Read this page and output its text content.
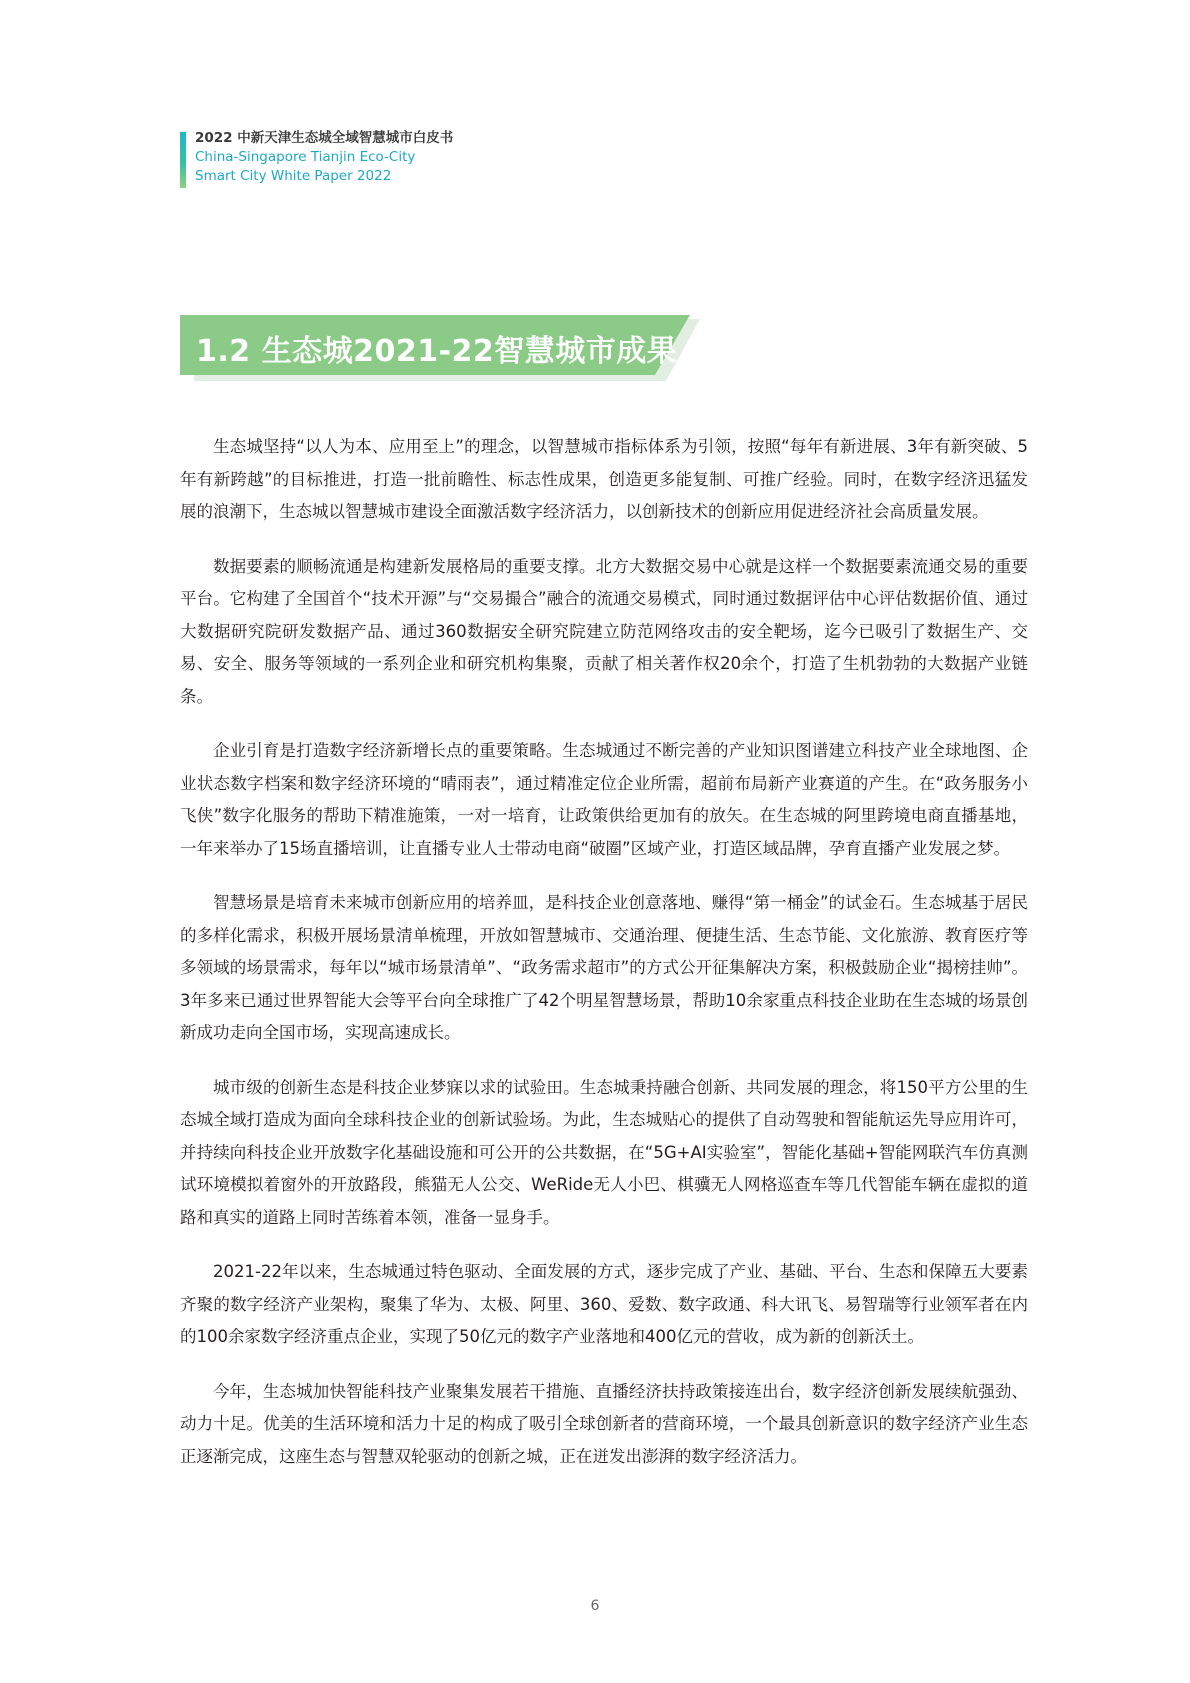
2022 中新天津生态城全域智慧城市白皮书
China-Singapore Tianjin Eco-City
Smart City White Paper 2022
1.2 生态城2021-22智慧城市成果

生态城坚持“以人为本、应用至上”的理念，以智慧城市指标体系为引领，按照“每年有新进展、3年有新突破、5年有新跨越”的目标推进，打造一批前瞻性、标志性成果，创造更多能复制、可推广经验。同时，在数字经济迅猛发展的浪潮下，生态城以智慧城市建设全面激活数字经济活力，以创新技术的创新应用促进经济社会高质量发展。

数据要素的顺畅流通是构建新发展格局的重要支撑。北方大数据交易中心就是这样一个数据要素流通交易的重要平台。它构建了全国首个“技术开源”与“交易撮合”融合的流通交易模式，同时通过数据评估中心评估数据价值、通过大数据研究院研发数据产品、通过360数据安全研究院建立防范网络攻击的安全靶场，迄今已吸引了数据生产、交易、安全、服务等领域的一系列企业和研究机构集聚，贡献了相关著作权20余个，打造了生机勃勃的大数据产业链条。

企业引育是打造数字经济新增长点的重要策略。生态城通过不断完善的产业知识图谱建立科技产业全球地图、企业状态数字档案和数字经济环境的“晴雨表”，通过精准定位企业所需，超前布局新产业赛道的产生。在“政务服务小飞侠”数字化服务的帮助下精准施策，一对一培育，让政策供给更加有的放矢。在生态城的阿里跨境电商直播基地，一年来举办了15场直播培训，让直播专业人士带动电商“破圈”区域产业，打造区域品牌，孕育直播产业发展之梦。

智慧场景是培育未来城市创新应用的培养皿，是科技企业创意落地、赚得“第一桶金”的试金石。生态城基于居民的多样化需求，积极开展场景清单梳理，开放如智慧城市、交通治理、便捷生活、生态节能、文化旅游、教育医疗等多领域的场景需求，每年以“城市场景清单”、“政务需求超市”的方式公开征集解决方案，积极鼓励企业“揭榜挂帅”。3年多来已通过世界智能大会等平台向全球推广了42个明星智慧场景，帮助10余家重点科技企业助在生态城的场景创新成功走向全国市场，实现高速成长。

城市级的创新生态是科技企业梦寐以求的试验田。生态城秉持融合创新、共同发展的理念，将150平方公里的生态城全域打造成为面向全球科技企业的创新试验场。为此，生态城贴心的提供了自动驾驶和智能航运先导应用许可，并持续向科技企业开放数字化基础设施和可公开的公共数据，在“5G+AI实验室”，智能化基础+智能网联汽车仿真测试环境模拟着窗外的开放路段，熊猫无人公交、WeRide无人小巴、棋骥无人网格巡查车等几代智能车辆在虚拟的道路和真实的道路上同时苦练着本领，准备一显身手。

2021-22年以来，生态城通过特色驱动、全面发展的方式，逐步完成了产业、基础、平台、生态和保障五大要素齐聚的数字经济产业架构，聚集了华为、太极、阿里、360、爱数、数字政通、科大讯飞、易智瑞等行业领军者在内的100余家数字经济重点企业，实现了50亿元的数字产业落地和400亿元的营收，成为新的创新沃土。

今年，生态城加快智能科技产业聚集发展若干措施、直播经济扶持政策接连出台，数字经济创新发展续航强劲、动力十足。优美的生活环境和活力十足的构成了吸引全球创新者的营商环境，一个最具创新意识的数字经济产业生态正逐渐完成，这座生态与智慧双轮驱动的创新之城，正在迸发出澎湃的数字经济活力。

6
